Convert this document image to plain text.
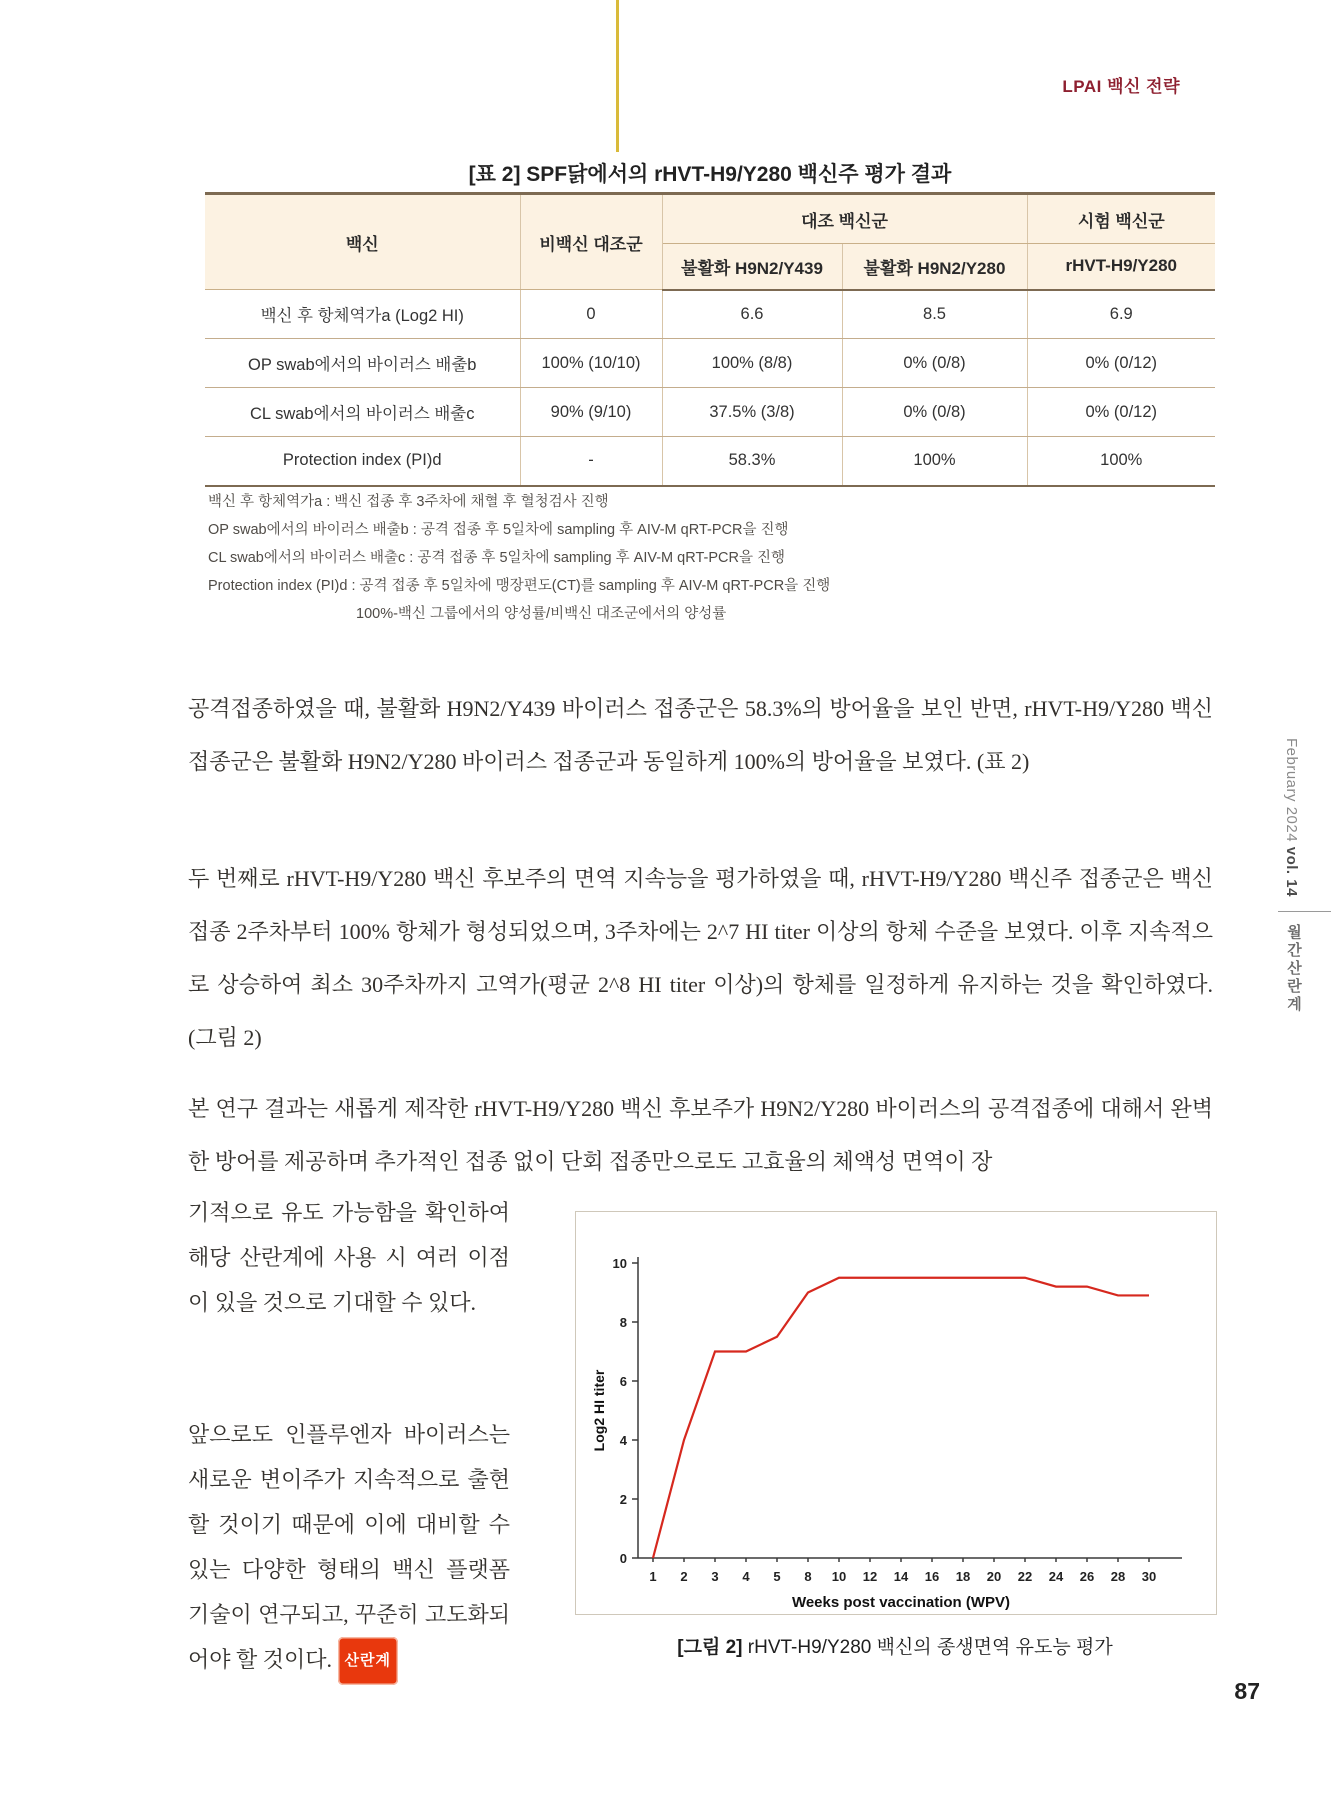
LPAI 백신 전략
[표 2] SPF닭에서의 rHVT-H9/Y280 백신주 평가 결과
백신	비백신 대조군	대조 백신군		시험 백신군
		불활화 H9N2/Y439	불활화 H9N2/Y280	rHVT-H9/Y280
백신 후 항체역가a (Log2 HI)	0	6.6	8.5	6.9
OP swab에서의 바이러스 배출b	100% (10/10)	100% (8/8)	0% (0/8)	0% (0/12)
CL swab에서의 바이러스 배출c	90% (9/10)	37.5% (3/8)	0% (0/8)	0% (0/12)
Protection index (PI)d	-	58.3%	100%	100%
백신 후 항체역가a : 백신 접종 후 3주차에 채혈 후 혈청검사 진행
OP swab에서의 바이러스 배출b : 공격 접종 후 5일차에 sampling 후 AIV-M qRT-PCR을 진행
CL swab에서의 바이러스 배출c : 공격 접종 후 5일차에 sampling 후 AIV-M qRT-PCR을 진행
Protection index (PI)d : 공격 접종 후 5일차에 맹장편도(CT)를 sampling 후 AIV-M qRT-PCR을 진행
100%-백신 그룹에서의 양성률/비백신 대조군에서의 양성률
공격접종하였을 때, 불활화 H9N2/Y439 바이러스 접종군은 58.3%의 방어율을 보인 반면, rHVT-H9/Y280 백신 접종군은 불활화 H9N2/Y280 바이러스 접종군과 동일하게 100%의 방어율을 보였다. (표 2)
두 번째로 rHVT-H9/Y280 백신 후보주의 면역 지속능을 평가하였을 때, rHVT-H9/Y280 백신주 접종군은 백신 접종 2주차부터 100% 항체가 형성되었으며, 3주차에는 2^7 HI titer 이상의 항체 수준을 보였다. 이후 지속적으로 상승하여 최소 30주차까지 고역가(평균 2^8 HI titer 이상)의 항체를 일정하게 유지하는 것을 확인하였다. (그림 2)
본 연구 결과는 새롭게 제작한 rHVT-H9/Y280 백신 후보주가 H9N2/Y280 바이러스의 공격접종에 대해서 완벽한 방어를 제공하며 추가적인 접종 없이 단회 접종만으로도 고효율의 체액성 면역이 장
기적으로 유도 가능함을 확인하여 해당 산란계에 사용 시 여러 이점이 있을 것으로 기대할 수 있다.
앞으로도 인플루엔자 바이러스는 새로운 변이주가 지속적으로 출현할 것이기 때문에 이에 대비할 수 있는 다양한 형태의 백신 플랫폼 기술이 연구되고, 꾸준히 고도화되어야 할 것이다. 산란계
0
2
4
6
8
10
1 2 3 4 5 8 10 12 14 16 18 20 22 24 26 28 30
Weeks post vaccination (WPV)
Log2 HI titer
[그림 2] rHVT-H9/Y280 백신의 종생면역 유도능 평가
February 2024 vol. 14
월간산란계
87
